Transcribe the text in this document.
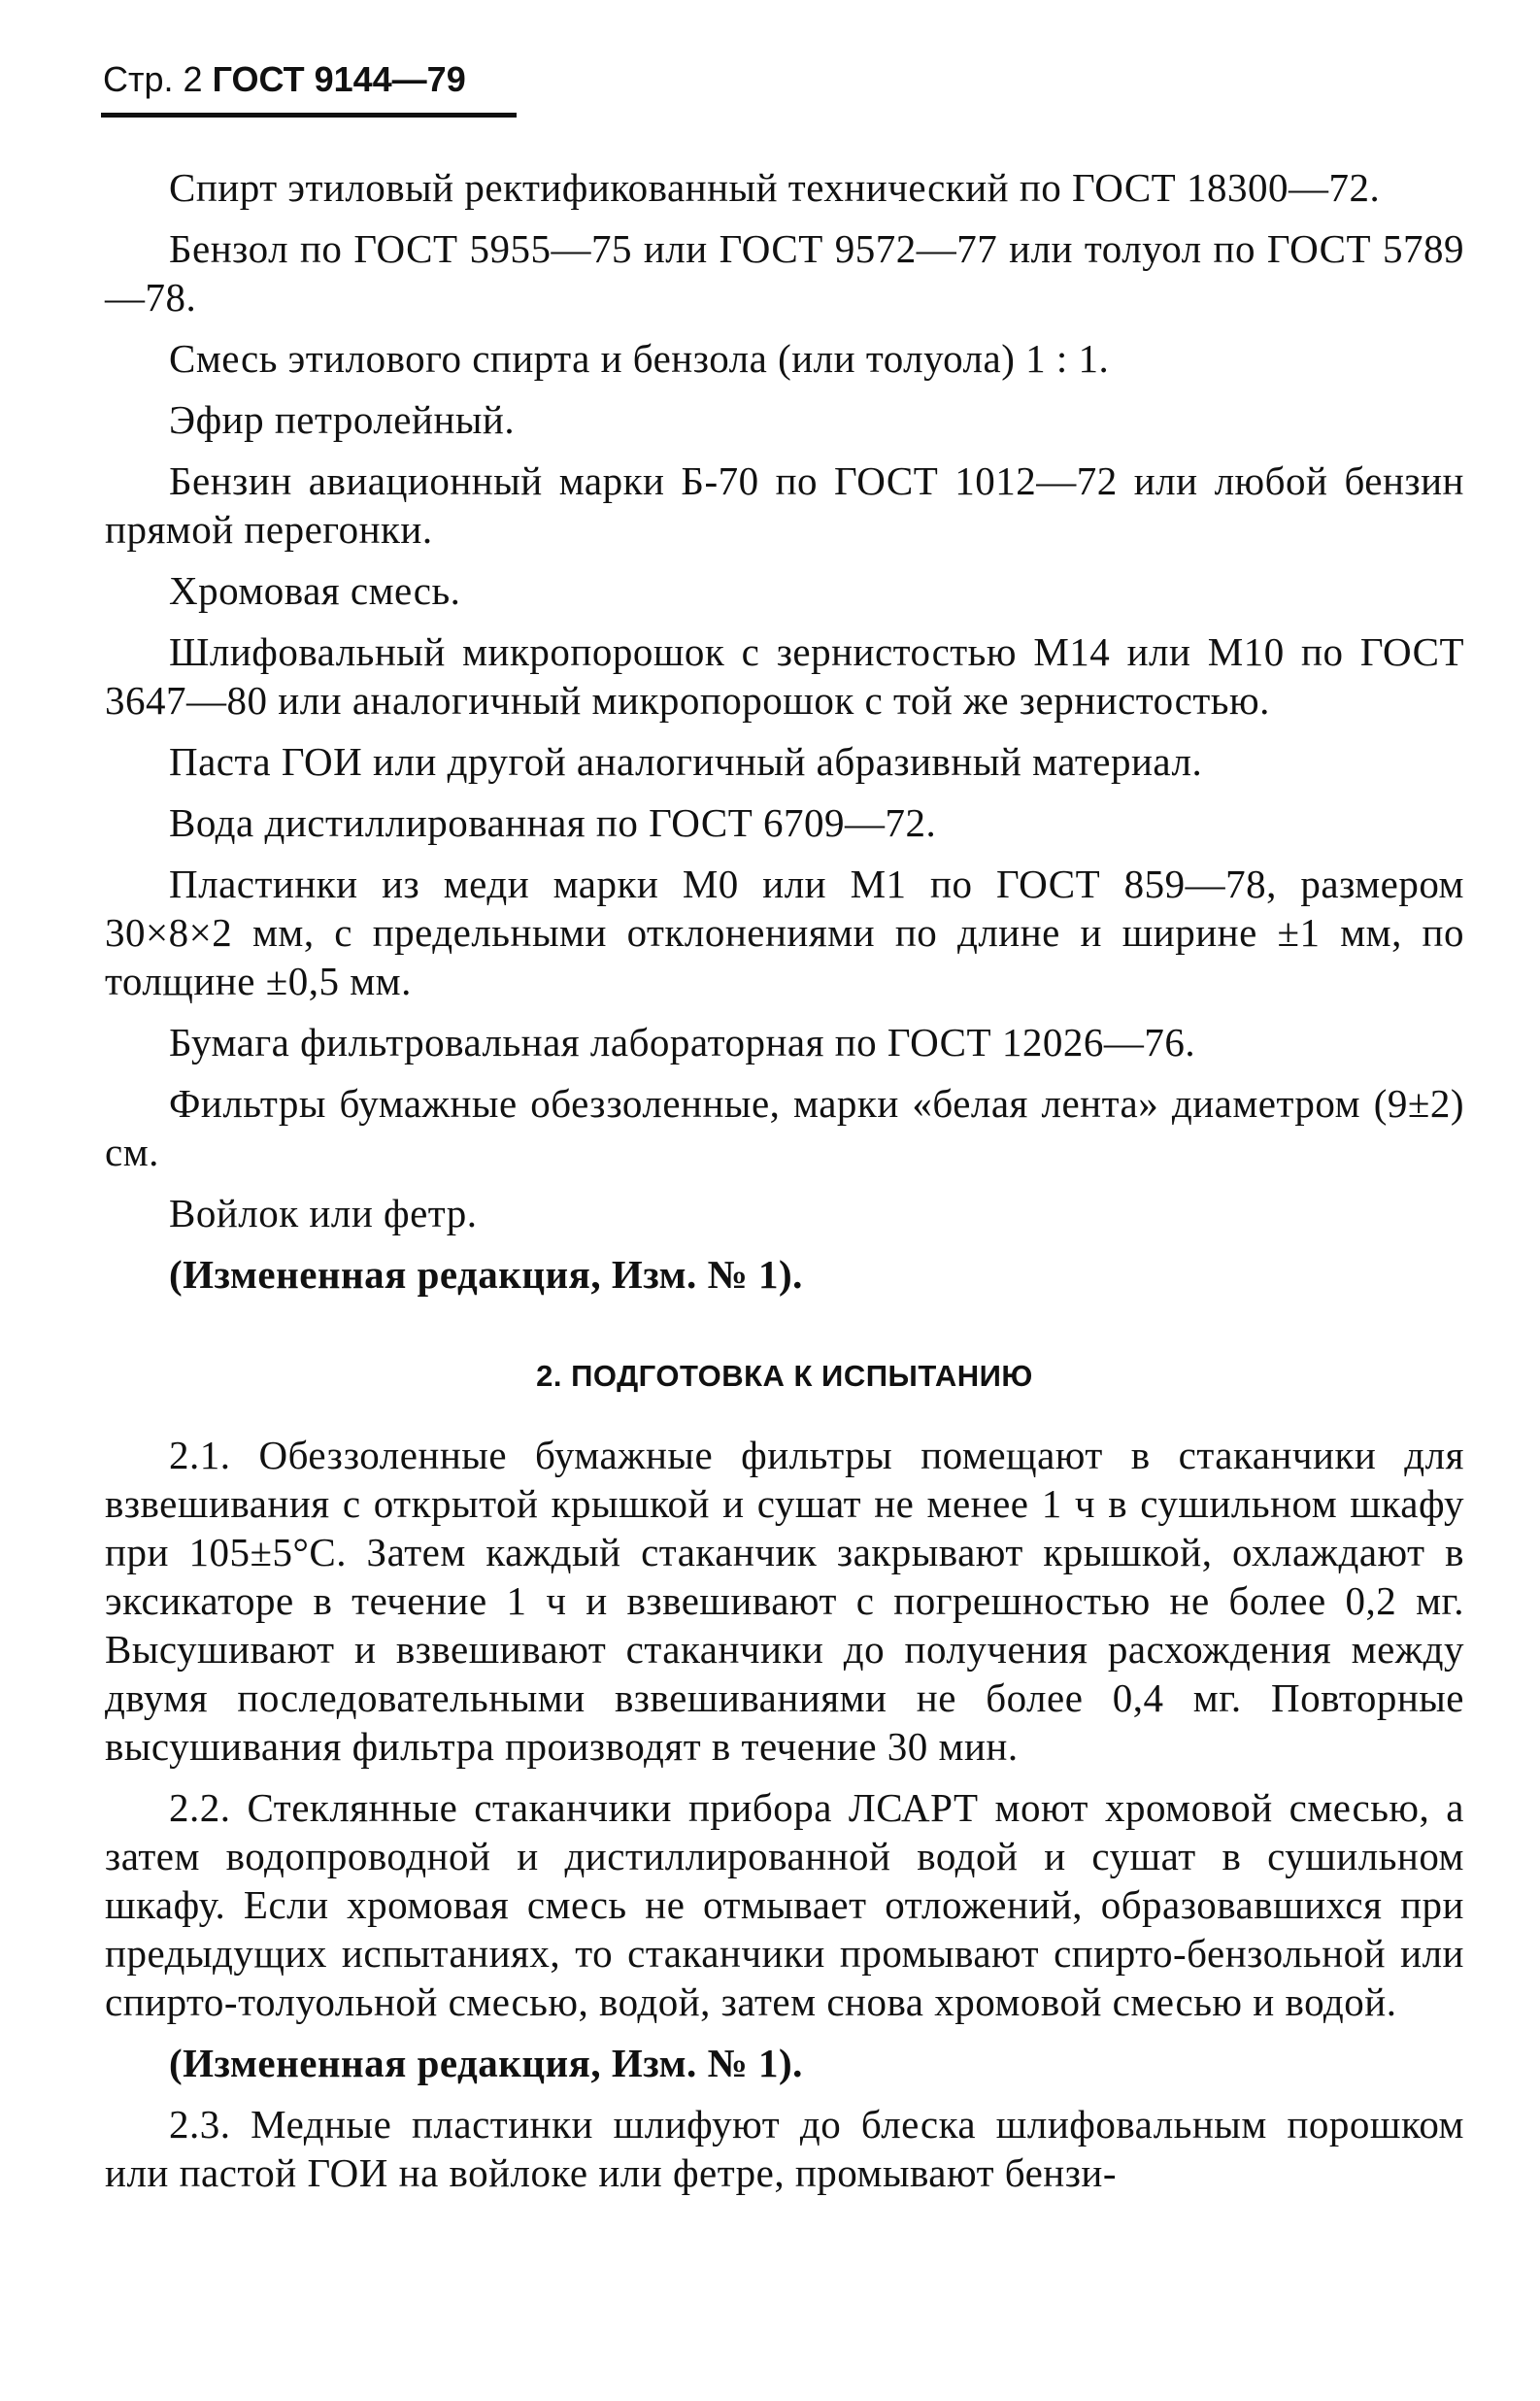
Стр. 2 ГОСТ 9144—79

Спирт этиловый ректификованный технический по ГОСТ 18300—72.

Бензол по ГОСТ 5955—75 или ГОСТ 9572—77 или толуол по ГОСТ 5789—78.

Смесь этилового спирта и бензола (или толуола) 1 : 1.

Эфир петролейный.

Бензин авиационный марки Б-70 по ГОСТ 1012—72 или любой бензин прямой перегонки.

Хромовая смесь.

Шлифовальный микропорошок с зернистостью М14 или М10 по ГОСТ 3647—80 или аналогичный микропорошок с той же зернистостью.

Паста ГОИ или другой аналогичный абразивный материал.

Вода дистиллированная по ГОСТ 6709—72.

Пластинки из меди марки М0 или М1 по ГОСТ 859—78, размером 30×8×2 мм, с предельными отклонениями по длине и ширине ±1 мм, по толщине ±0,5 мм.

Бумага фильтровальная лабораторная по ГОСТ 12026—76.

Фильтры бумажные обеззоленные, марки «белая лента» диаметром (9±2) см.

Войлок или фетр.

(Измененная редакция, Изм. № 1).

2. ПОДГОТОВКА К ИСПЫТАНИЮ

2.1. Обеззоленные бумажные фильтры помещают в стаканчики для взвешивания с открытой крышкой и сушат не менее 1 ч в сушильном шкафу при 105±5°С. Затем каждый стаканчик закрывают крышкой, охлаждают в эксикаторе в течение 1 ч и взвешивают с погрешностью не более 0,2 мг. Высушивают и взвешивают стаканчики до получения расхождения между двумя последовательными взвешиваниями не более 0,4 мг. Повторные высушивания фильтра производят в течение 30 мин.

2.2. Стеклянные стаканчики прибора ЛСАРТ моют хромовой смесью, а затем водопроводной и дистиллированной водой и сушат в сушильном шкафу. Если хромовая смесь не отмывает отложений, образовавшихся при предыдущих испытаниях, то стаканчики промывают спирто-бензольной или спирто-толуольной смесью, водой, затем снова хромовой смесью и водой.

(Измененная редакция, Изм. № 1).

2.3. Медные пластинки шлифуют до блеска шлифовальным порошком или пастой ГОИ на войлоке или фетре, промывают бензи-
